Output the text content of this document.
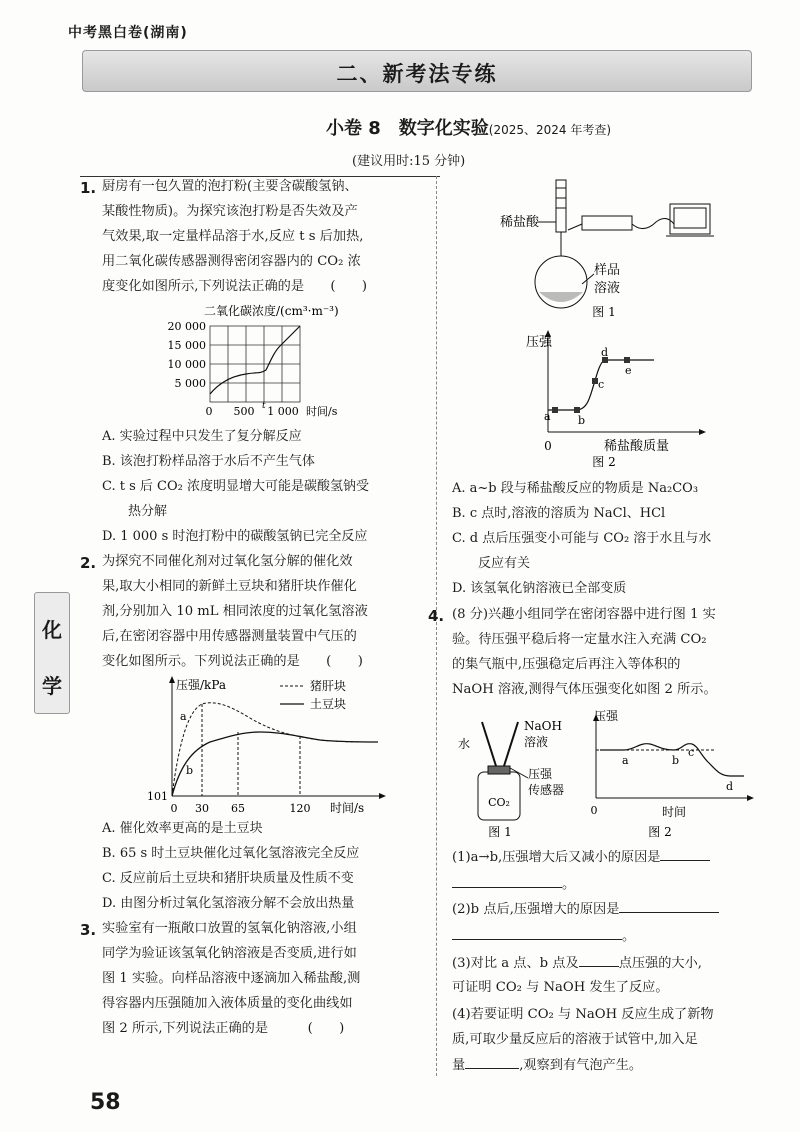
中考黑白卷(湖南)
二、新考法专练
小卷 8　数字化实验(2025、2024 年考查)
(建议用时:15 分钟)
化
学
1. 厨房有一包久置的泡打粉(主要含碳酸氢钠、
某酸性物质)。为探究该泡打粉是否失效及产
气效果,取一定量样品溶于水,反应 t s 后加热,
用二氧化碳传感器测得密闭容器内的 CO₂ 浓
度变化如图所示,下列说法正确的是　　(　　)
二氧化碳浓度/(cm³·m⁻³)
20 000
15 000
10 000
5 000
0 500 t 1 000 时间/s
A. 实验过程中只发生了复分解反应
B. 该泡打粉样品溶于水后不产生气体
C. t s 后 CO₂ 浓度明显增大可能是碳酸氢钠受
热分解
D. 1 000 s 时泡打粉中的碳酸氢钠已完全反应
2. 为探究不同催化剂对过氧化氢分解的催化效
果,取大小相同的新鲜土豆块和猪肝块作催化
剂,分别加入 10 mL 相同浓度的过氧化氢溶液
后,在密闭容器中用传感器测量装置中气压的
变化如图所示。下列说法正确的是　　(　　)
压强/kPa	猪肝块
土豆块
a
b
101
0 30 65	120 时间/s
A. 催化效率更高的是土豆块
B. 65 s 时土豆块催化过氧化氢溶液完全反应
C. 反应前后土豆块和猪肝块质量及性质不变
D. 由图分析过氧化氢溶液分解不会放出热量
3. 实验室有一瓶敞口放置的氢氧化钠溶液,小组
同学为验证该氢氧化钠溶液是否变质,进行如
图 1 实验。向样品溶液中逐滴加入稀盐酸,测
得容器内压强随加入液体质量的变化曲线如
图 2 所示,下列说法正确的是　　　(　　)
稀盐酸
样品
溶液
图 1
压强
0	稀盐酸质量
a b
c
d
e
图 2
A. a~b 段与稀盐酸反应的物质是 Na₂CO₃
B. c 点时,溶液的溶质为 NaCl、HCl
C. d 点后压强变小可能与 CO₂ 溶于水且与水
反应有关
D. 该氢氧化钠溶液已全部变质
4. (8 分)兴趣小组同学在密闭容器中进行图 1 实
验。待压强平稳后将一定量水注入充满 CO₂
的集气瓶中,压强稳定后再注入等体积的
NaOH 溶液,测得气体压强变化如图 2 所示。
CO₂
水
NaOH
溶液
压强
传感器
图 1
压强
0	时间
a	b
c
d
图 2
(1)a→b,压强增大后又减小的原因是
。
(2)b 点后,压强增大的原因是
。
(3)对比 a 点、b 点及	点压强的大小,
可证明 CO₂ 与 NaOH 发生了反应。
(4)若要证明 CO₂ 与 NaOH 反应生成了新物
质,可取少量反应后的溶液于试管中,加入足
量	,观察到有气泡产生。
58
